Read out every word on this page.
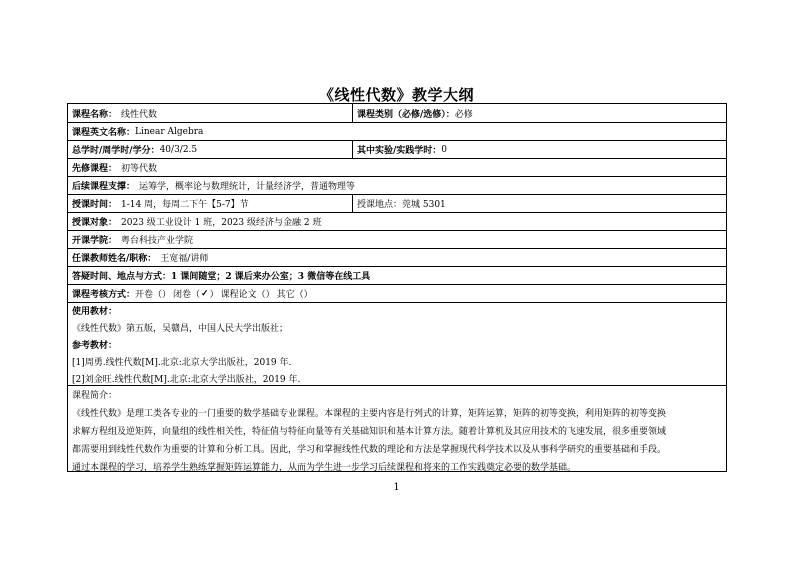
《线性代数》教学大纲
课程名称： 线性代数	课程类别（必修/选修）： 必修
课程英文名称： Linear Algebra
总学时/周学时/学分： 40/3/2.5	其中实验/实践学时： 0
先修课程： 初等代数
后续课程支撑： 运筹学，概率论与数理统计，计量经济学，普通物理等
授课时间： 1-14 周，每周二下午【5-7】节	授课地点： 莞城 5301
授课对象： 2023 级工业设计 1 班，2023 级经济与金融 2 班
开课学院： 粤台科技产业学院
任课教师姓名/职称： 王宽福/讲师
答疑时间、地点与方式： 1 课间随堂；2 课后来办公室；3 微信等在线工具
课程考核方式： 开卷（） 闭卷（ ✓ ） 课程论文（） 其它（）

使用教材：

《线性代数》第五版，吴赣昌，中国人民大学出版社；

参考教材：

[1]周勇.线性代数[M].北京:北京大学出版社，2019 年.

[2]刘金旺.线性代数[M].北京:北京大学出版社，2019 年.

课程简介：

《线性代数》是理工类各专业的一门重要的数学基础专业课程。本课程的主要内容是行列式的计算，矩阵运算，矩阵的初等变换，利用矩阵的初等变换

求解方程组及逆矩阵，向量组的线性相关性，特征值与特征向量等有关基础知识和基本计算方法。随着计算机及其应用技术的飞速发展，很多重要领域

都需要用到线性代数作为重要的计算和分析工具。因此，学习和掌握线性代数的理论和方法是掌握现代科学技术以及从事科学研究的重要基础和手段。

通过本课程的学习，培养学生熟练掌握矩阵运算能力，从而为学生进一步学习后续课程和将来的工作实践奠定必要的数学基础。

1
